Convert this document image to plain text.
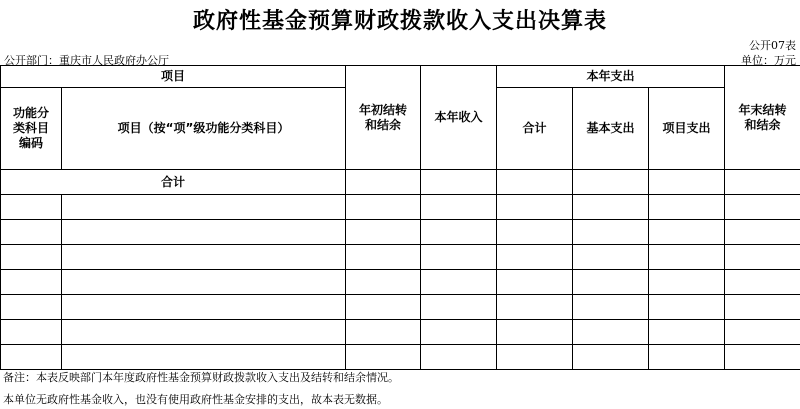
政府性基金预算财政拨款收入支出决算表
公开07表
公开部门：重庆市人民政府办公厅	单位：万元
项目		年初结转和结余	本年收入	本年支出			年末结转和结余

功能分类科目编码	项目（按“项”级功能分类科目）			合计	基本支出	项目支出	
合计							

备注：本表反映部门本年度政府性基金预算财政拨款收入支出及结转和结余情况。
本单位无政府性基金收入，也没有使用政府性基金安排的支出，故本表无数据。
